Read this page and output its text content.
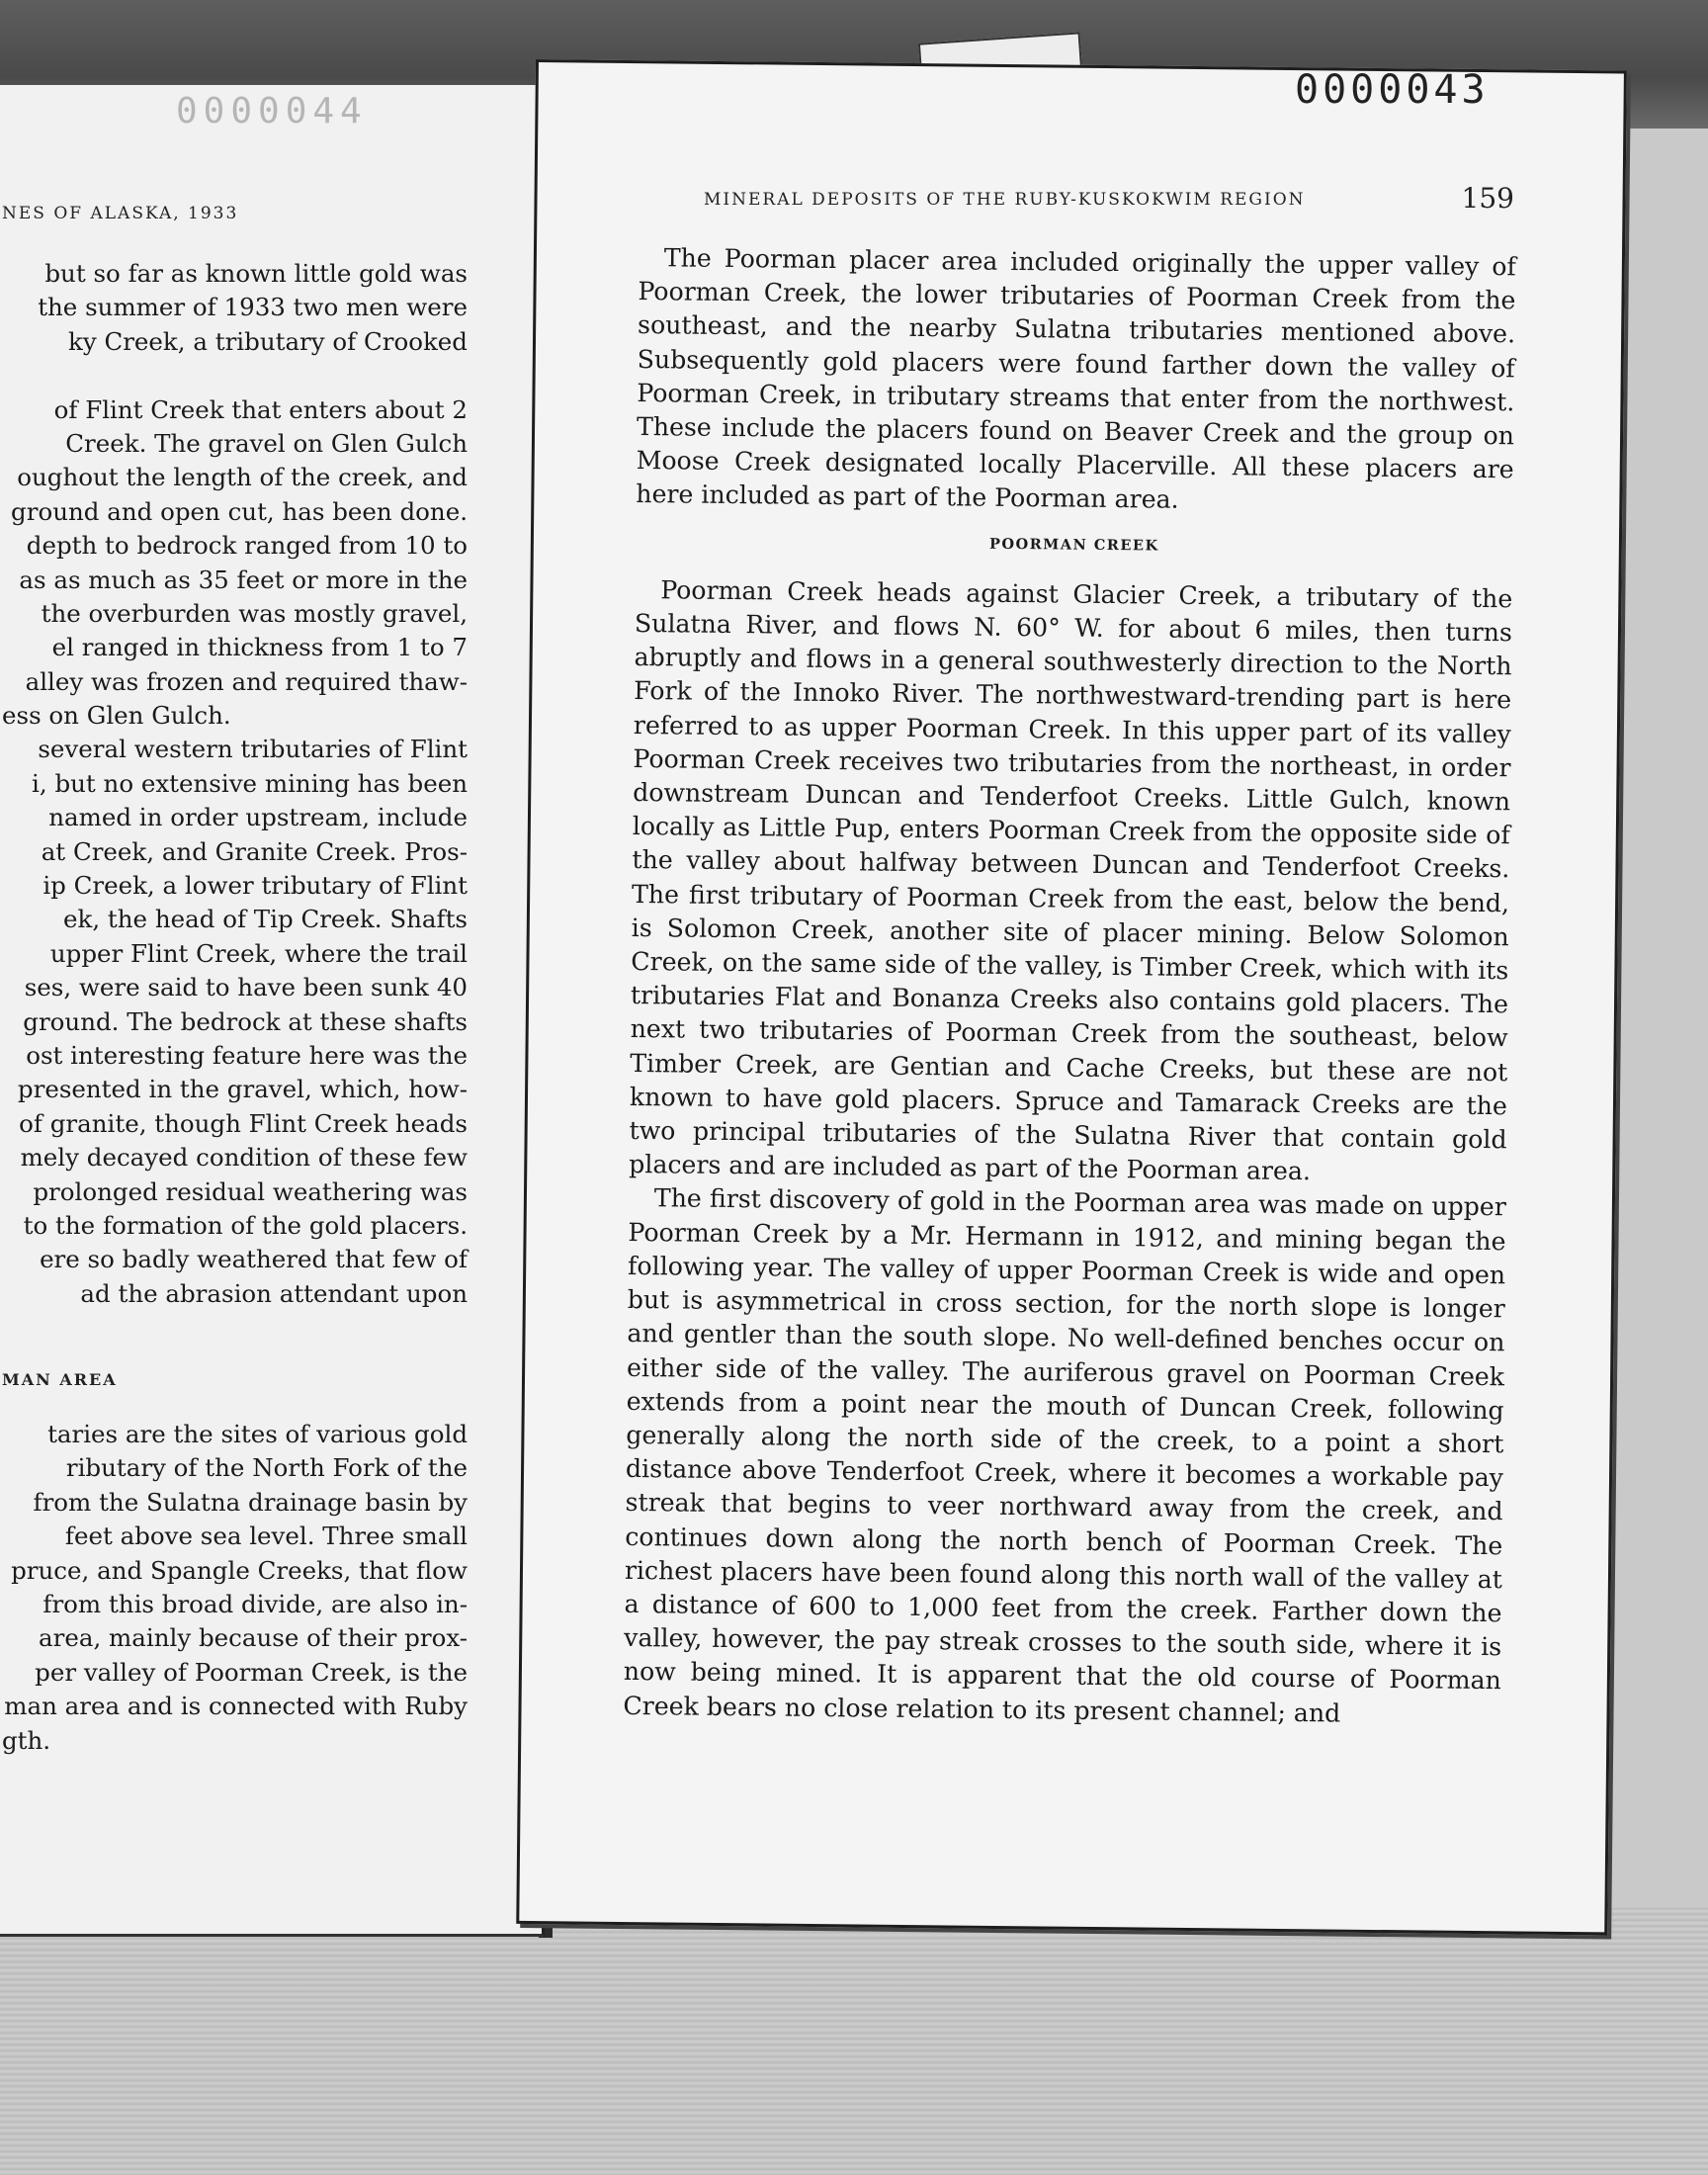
0000044
NES OF ALASKA, 1933
but so far as known little gold was
the summer of 1933 two men were
ky Creek, a tributary of Crooked
of Flint Creek that enters about 2
Creek. The gravel on Glen Gulch
oughout the length of the creek, and
ground and open cut, has been done.
depth to bedrock ranged from 10 to
as as much as 35 feet or more in the
the overburden was mostly gravel,
el ranged in thickness from 1 to 7
alley was frozen and required thaw-
ess on Glen Gulch.
several western tributaries of Flint
i, but no extensive mining has been
named in order upstream, include
at Creek, and Granite Creek. Pros-
ip Creek, a lower tributary of Flint
ek, the head of Tip Creek. Shafts
upper Flint Creek, where the trail
ses, were said to have been sunk 40
ground. The bedrock at these shafts
ost interesting feature here was the
presented in the gravel, which, how-
of granite, though Flint Creek heads
mely decayed condition of these few
prolonged residual weathering was
to the formation of the gold placers.
ere so badly weathered that few of
ad the abrasion attendant upon
MAN AREA
taries are the sites of various gold
ributary of the North Fork of the
from the Sulatna drainage basin by
feet above sea level. Three small
pruce, and Spangle Creeks, that flow
from this broad divide, are also in-
area, mainly because of their prox-
per valley of Poorman Creek, is the
man area and is connected with Ruby
gth.
0000043
MINERAL DEPOSITS OF THE RUBY-KUSKOKWIM REGION	159

The Poorman placer area included originally the upper valley of Poorman Creek, the lower tributaries of Poorman Creek from the southeast, and the nearby Sulatna tributaries mentioned above. Subsequently gold placers were found farther down the valley of Poorman Creek, in tributary streams that enter from the northwest. These include the placers found on Beaver Creek and the group on Moose Creek designated locally Placerville. All these placers are here included as part of the Poorman area.

POORMAN CREEK

Poorman Creek heads against Glacier Creek, a tributary of the Sulatna River, and flows N. 60° W. for about 6 miles, then turns abruptly and flows in a general southwesterly direction to the North Fork of the Innoko River. The northwestward-trending part is here referred to as upper Poorman Creek. In this upper part of its valley Poorman Creek receives two tributaries from the northeast, in order downstream Duncan and Tenderfoot Creeks. Little Gulch, known locally as Little Pup, enters Poorman Creek from the opposite side of the valley about halfway between Duncan and Tenderfoot Creeks. The first tributary of Poorman Creek from the east, below the bend, is Solomon Creek, another site of placer mining. Below Solomon Creek, on the same side of the valley, is Timber Creek, which with its tributaries Flat and Bonanza Creeks also contains gold placers. The next two tributaries of Poorman Creek from the southeast, below Timber Creek, are Gentian and Cache Creeks, but these are not known to have gold placers. Spruce and Tamarack Creeks are the two principal tributaries of the Sulatna River that contain gold placers and are included as part of the Poorman area.

The first discovery of gold in the Poorman area was made on upper Poorman Creek by a Mr. Hermann in 1912, and mining began the following year. The valley of upper Poorman Creek is wide and open but is asymmetrical in cross section, for the north slope is longer and gentler than the south slope. No well-defined benches occur on either side of the valley. The auriferous gravel on Poorman Creek extends from a point near the mouth of Duncan Creek, following generally along the north side of the creek, to a point a short distance above Tenderfoot Creek, where it becomes a workable pay streak that begins to veer northward away from the creek, and continues down along the north bench of Poorman Creek. The richest placers have been found along this north wall of the valley at a distance of 600 to 1,000 feet from the creek. Farther down the valley, however, the pay streak crosses to the south side, where it is now being mined. It is apparent that the old course of Poorman Creek bears no close relation to its present channel; and
